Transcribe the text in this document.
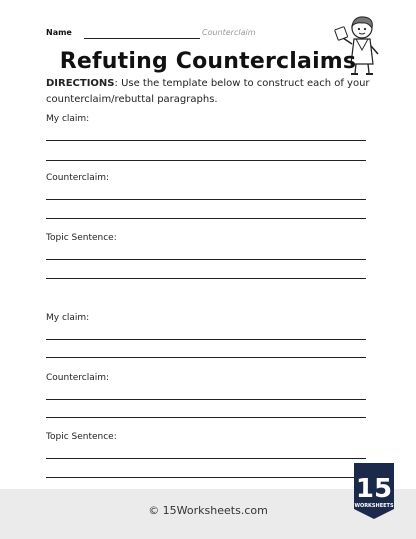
Name	Counterclaim
Refuting Counterclaims
DIRECTIONS: Use the template below to construct each of your counterclaim/rebuttal paragraphs.
My claim:
Counterclaim:
Topic Sentence:
My claim:
Counterclaim:
Topic Sentence:
© 15Worksheets.com
15
WORKSHEETS
